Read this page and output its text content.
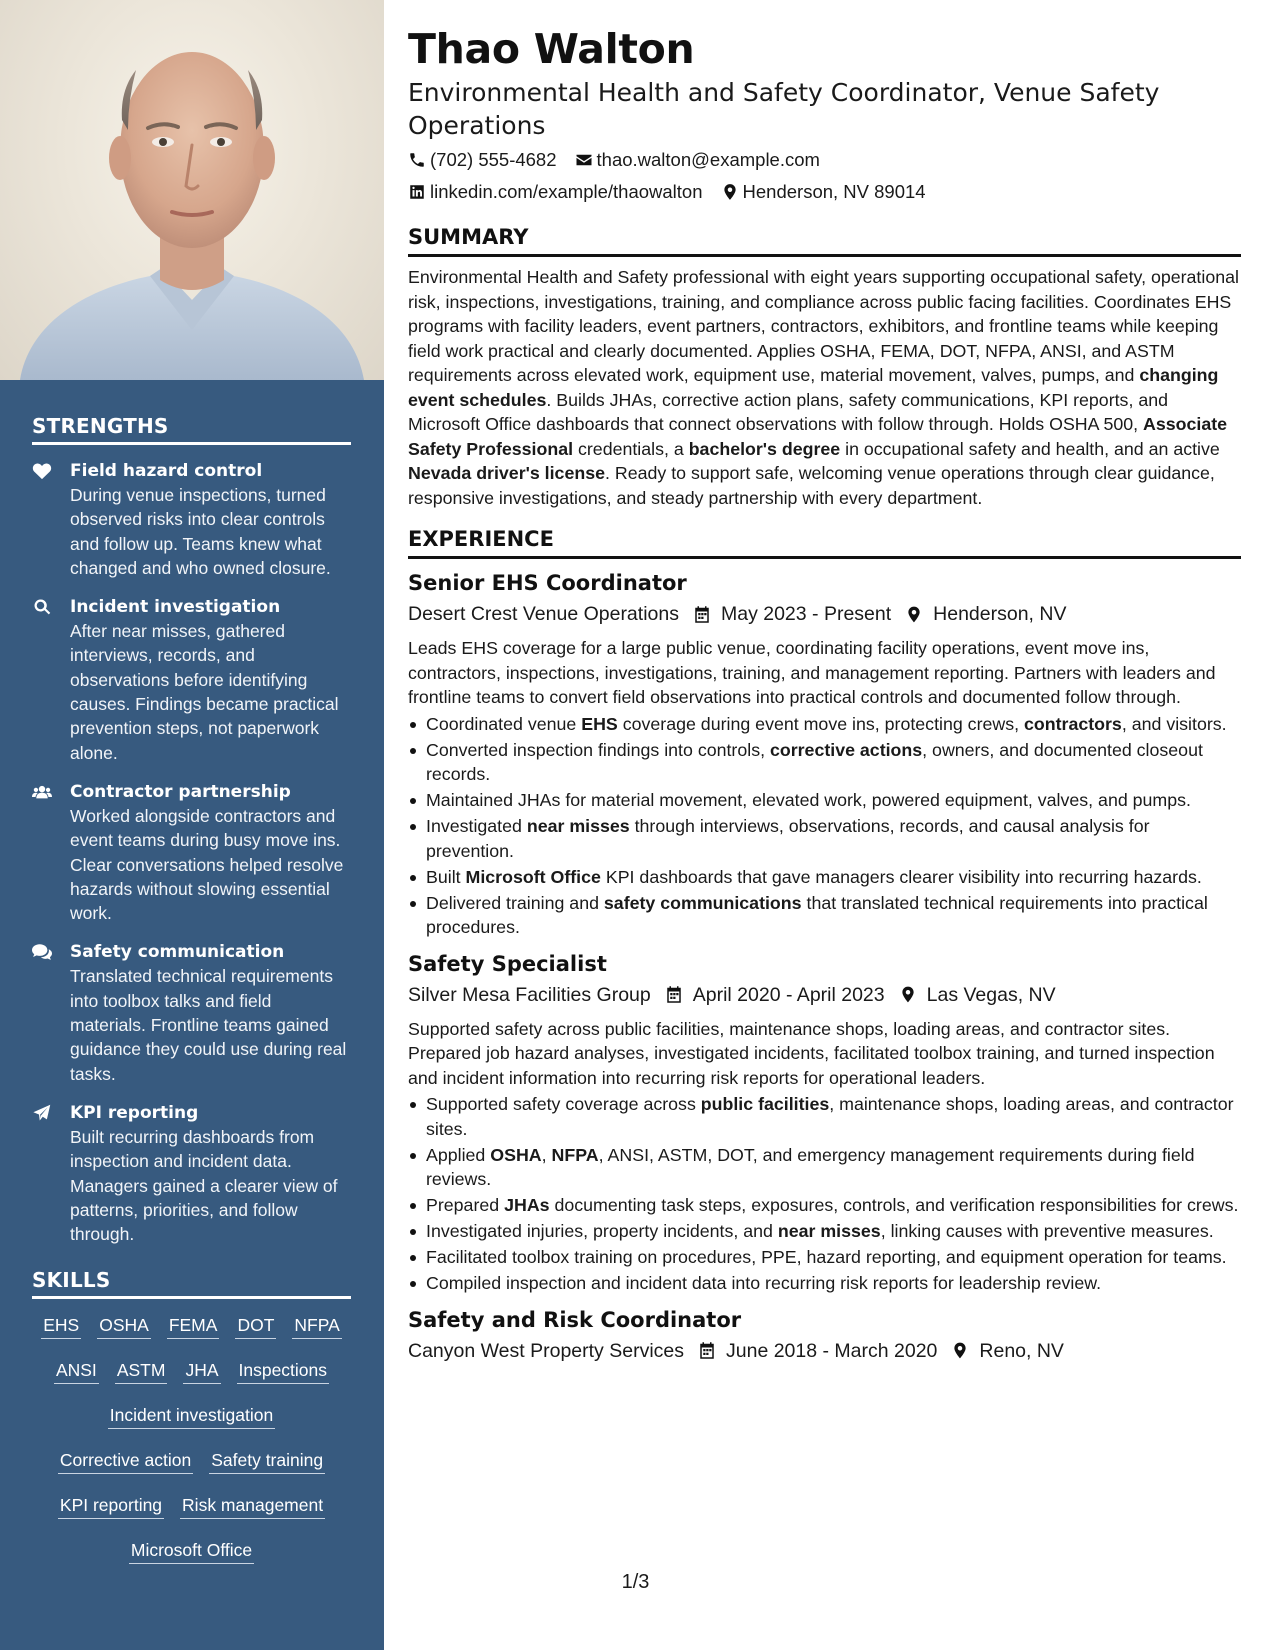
STRENGTHS
Field hazard control
During venue inspections, turned observed risks into clear controls and follow up. Teams knew what changed and who owned closure.
Incident investigation
After near misses, gathered interviews, records, and observations before identifying causes. Findings became practical prevention steps, not paperwork alone.
Contractor partnership
Worked alongside contractors and event teams during busy move ins. Clear conversations helped resolve hazards without slowing essential work.
Safety communication
Translated technical requirements into toolbox talks and field materials. Frontline teams gained guidance they could use during real tasks.
KPI reporting
Built recurring dashboards from inspection and incident data. Managers gained a clearer view of patterns, priorities, and follow through.
SKILLS
EHS OSHA FEMA DOT NFPA
ANSI ASTM JHA Inspections
Incident investigation
Corrective action Safety training
KPI reporting Risk management
Microsoft Office
Thao Walton
Environmental Health and Safety Coordinator, Venue Safety Operations
(702) 555-4682 thao.walton@example.com
linkedin.com/example/thaowalton Henderson, NV 89014
SUMMARY

Environmental Health and Safety professional with eight years supporting occupational safety, operational risk, inspections, investigations, training, and compliance across public facing facilities. Coordinates EHS programs with facility leaders, event partners, contractors, exhibitors, and frontline teams while keeping field work practical and clearly documented. Applies OSHA, FEMA, DOT, NFPA, ANSI, and ASTM requirements across elevated work, equipment use, material movement, valves, pumps, and changing event schedules. Builds JHAs, corrective action plans, safety communications, KPI reports, and Microsoft Office dashboards that connect observations with follow through. Holds OSHA 500, Associate Safety Professional credentials, a bachelor's degree in occupational safety and health, and an active Nevada driver's license. Ready to support safe, welcoming venue operations through clear guidance, responsive investigations, and steady partnership with every department.

EXPERIENCE
Senior EHS Coordinator
Desert Crest Venue Operations May 2023 - Present Henderson, NV

Leads EHS coverage for a large public venue, coordinating facility operations, event move ins, contractors, inspections, investigations, training, and management reporting. Partners with leaders and frontline teams to convert field observations into practical controls and documented follow through.

Coordinated venue EHS coverage during event move ins, protecting crews, contractors, and visitors.
Converted inspection findings into controls, corrective actions, owners, and documented closeout records.
Maintained JHAs for material movement, elevated work, powered equipment, valves, and pumps.
Investigated near misses through interviews, observations, records, and causal analysis for prevention.
Built Microsoft Office KPI dashboards that gave managers clearer visibility into recurring hazards.
Delivered training and safety communications that translated technical requirements into practical procedures.
Safety Specialist
Silver Mesa Facilities Group April 2020 - April 2023 Las Vegas, NV

Supported safety across public facilities, maintenance shops, loading areas, and contractor sites. Prepared job hazard analyses, investigated incidents, facilitated toolbox training, and turned inspection and incident information into recurring risk reports for operational leaders.

Supported safety coverage across public facilities, maintenance shops, loading areas, and contractor sites.
Applied OSHA, NFPA, ANSI, ASTM, DOT, and emergency management requirements during field reviews.
Prepared JHAs documenting task steps, exposures, controls, and verification responsibilities for crews.
Investigated injuries, property incidents, and near misses, linking causes with preventive measures.
Facilitated toolbox training on procedures, PPE, hazard reporting, and equipment operation for teams.
Compiled inspection and incident data into recurring risk reports for leadership review.
Safety and Risk Coordinator
Canyon West Property Services June 2018 - March 2020 Reno, NV
1/3
